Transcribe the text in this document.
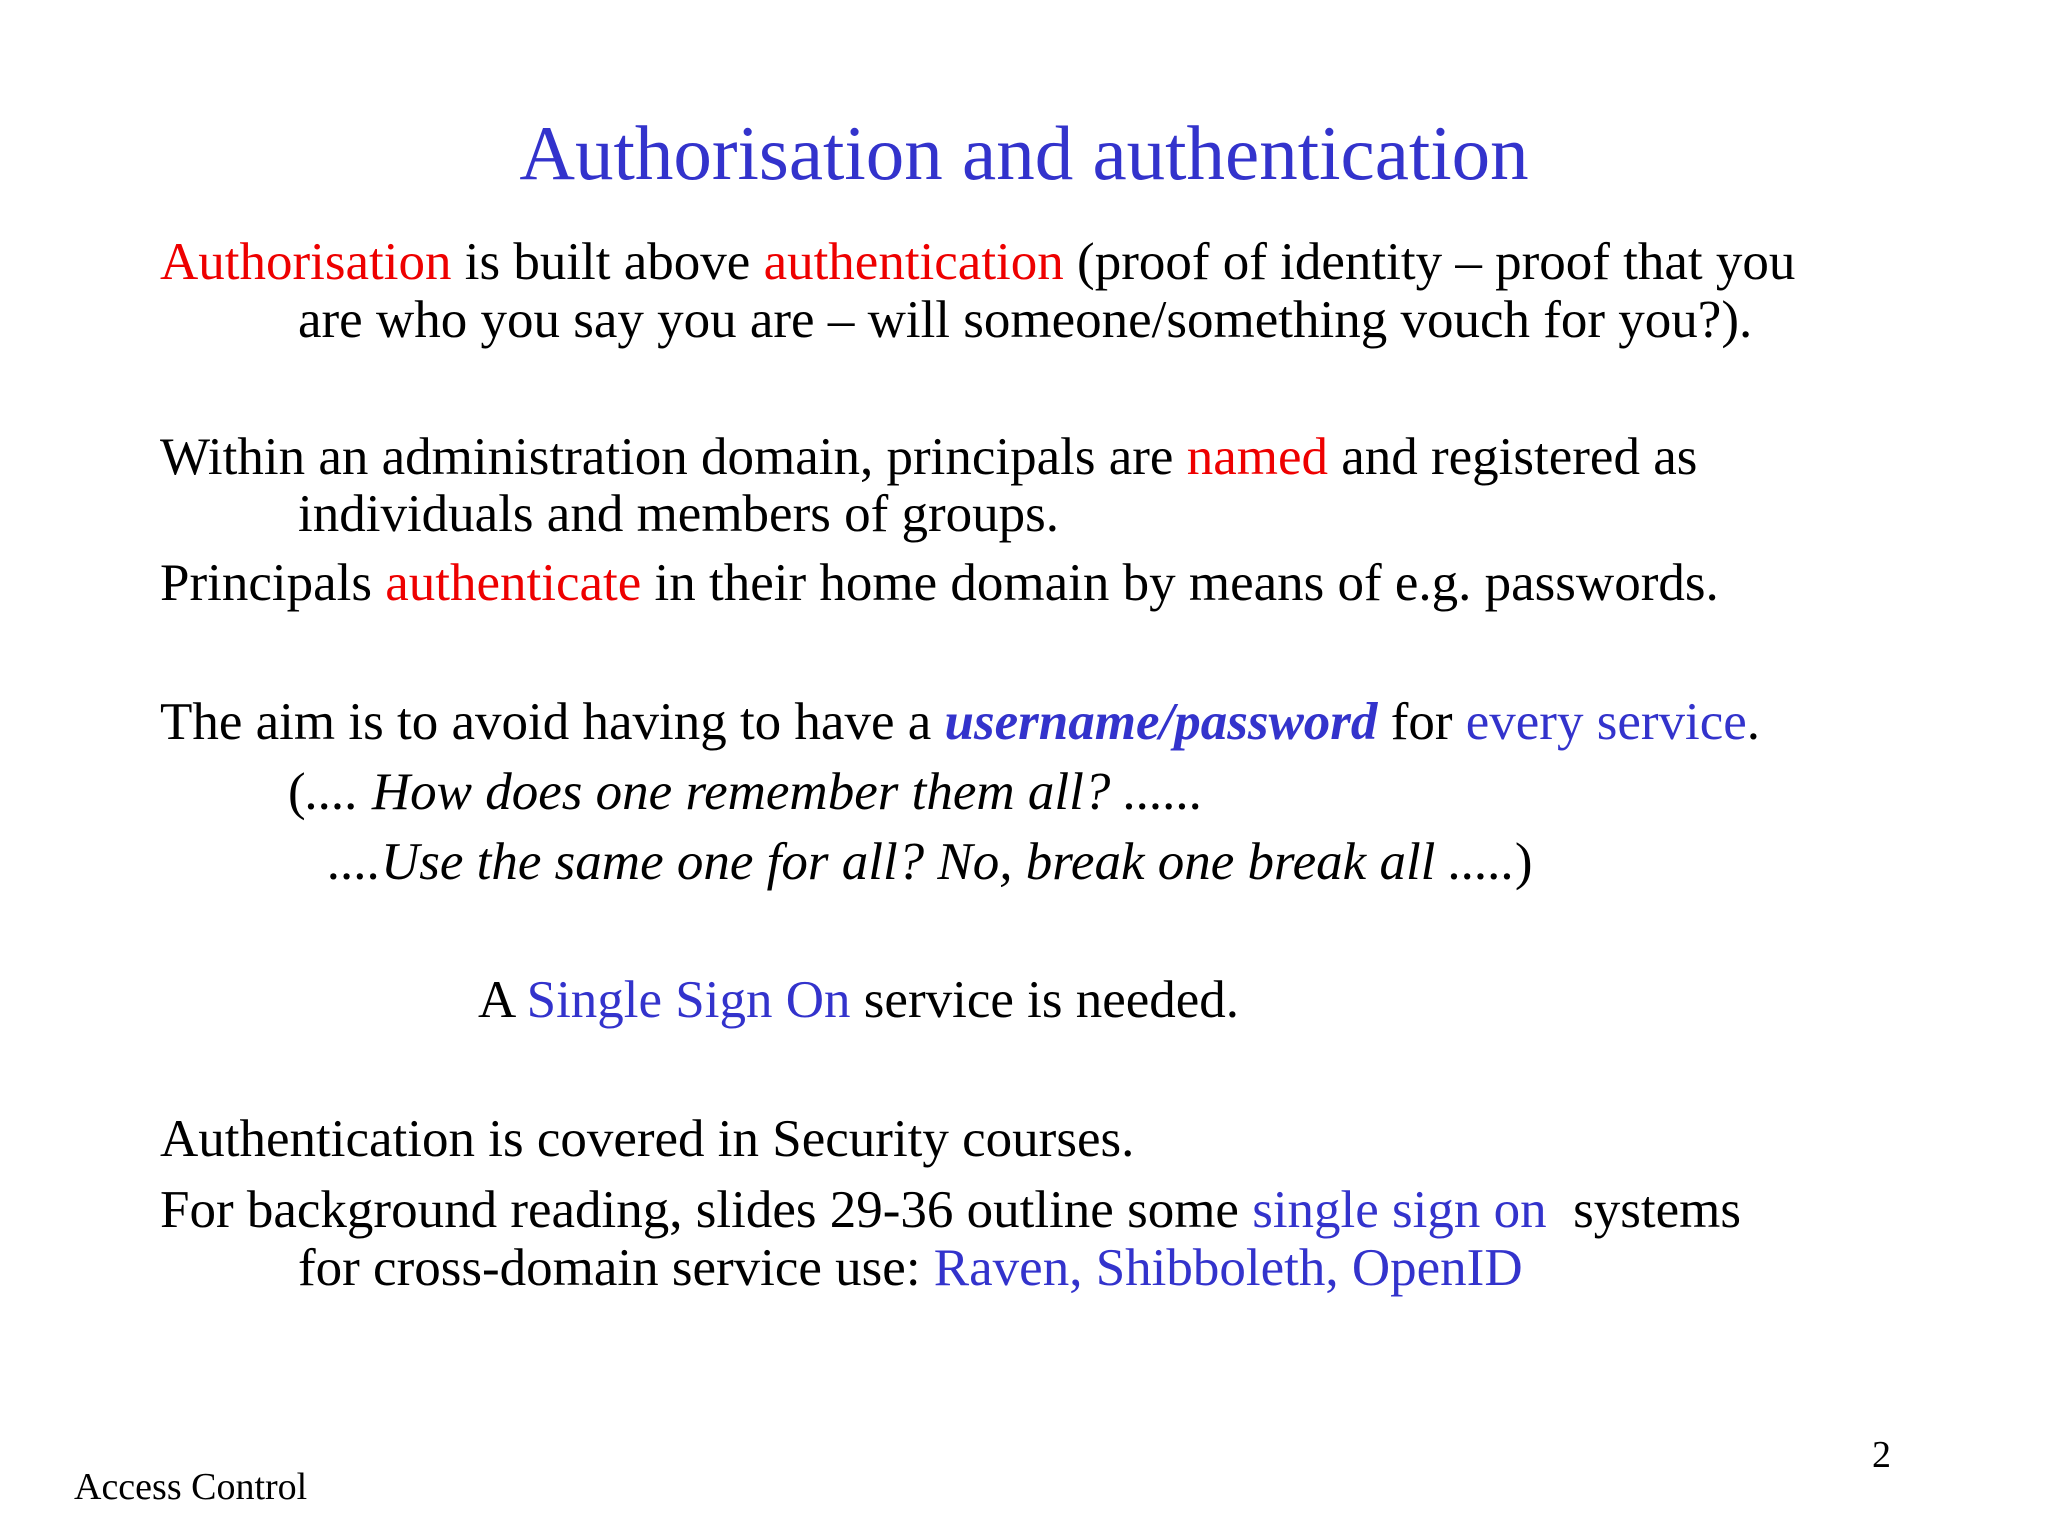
Authorisation and authentication
Authorisation is built above authentication (proof of identity – proof that you
are who you say you are – will someone/something vouch for you?).
Within an administration domain, principals are named and registered as
individuals and members of groups.
Principals authenticate in their home domain by means of e.g. passwords.
The aim is to avoid having to have a username/password for every service.
(.... How does one remember them all? ......
....Use the same one for all? No, break one break all .....)
A Single Sign On service is needed.
Authentication is covered in Security courses.
For background reading, slides 29-36 outline some single sign on  systems
for cross-domain service use: Raven, Shibboleth, OpenID
2
Access Control
